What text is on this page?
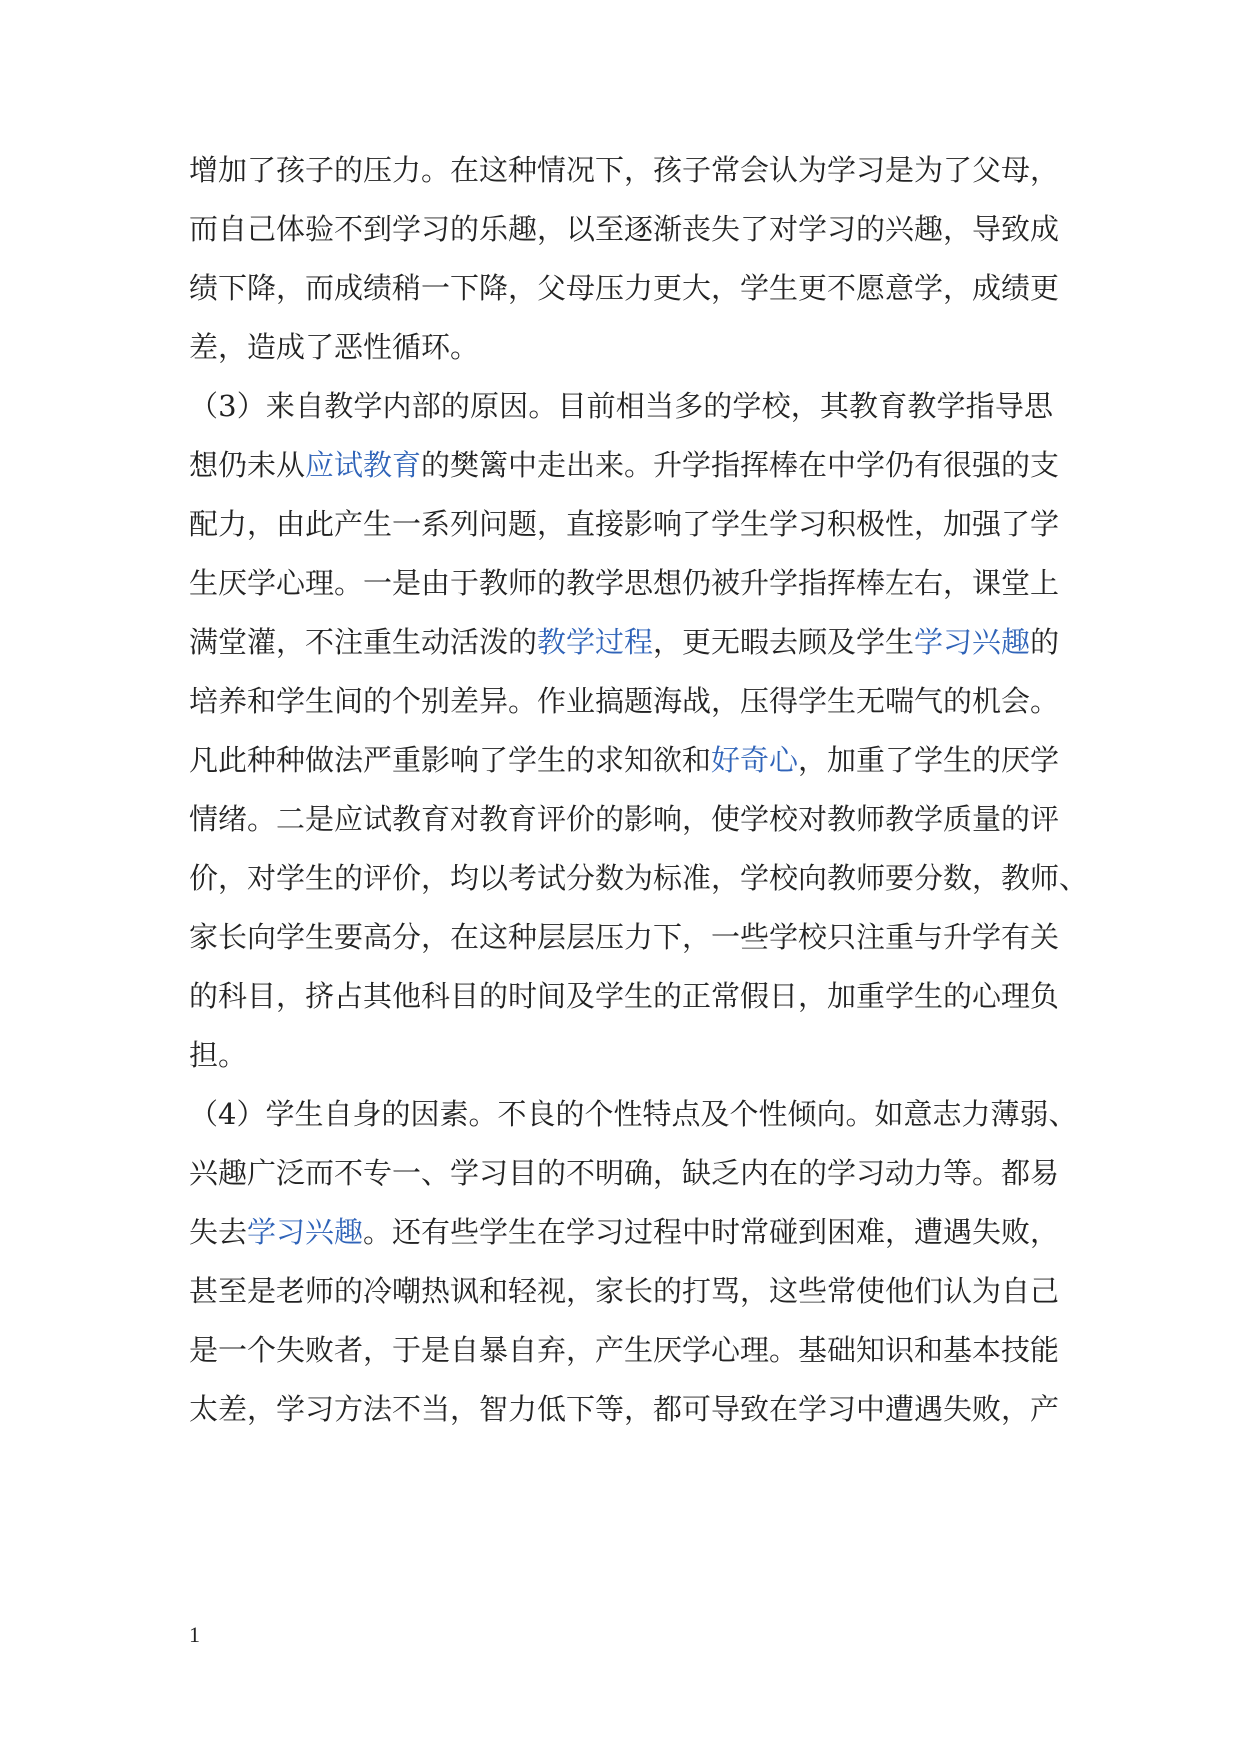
增加了孩子的压力。在这种情况下，孩子常会认为学习是为了父母，
而自己体验不到学习的乐趣，以至逐渐丧失了对学习的兴趣，导致成
绩下降，而成绩稍一下降，父母压力更大，学生更不愿意学，成绩更
差，造成了恶性循环。
（3）来自教学内部的原因。目前相当多的学校，其教育教学指导思
想仍未从应试教育的樊篱中走出来。升学指挥棒在中学仍有很强的支
配力，由此产生一系列问题，直接影响了学生学习积极性，加强了学
生厌学心理。一是由于教师的教学思想仍被升学指挥棒左右，课堂上
满堂灌，不注重生动活泼的教学过程，更无暇去顾及学生学习兴趣的
培养和学生间的个别差异。作业搞题海战，压得学生无喘气的机会。
凡此种种做法严重影响了学生的求知欲和好奇心，加重了学生的厌学
情绪。二是应试教育对教育评价的影响，使学校对教师教学质量的评
价，对学生的评价，均以考试分数为标准，学校向教师要分数，教师、
家长向学生要高分，在这种层层压力下，一些学校只注重与升学有关
的科目，挤占其他科目的时间及学生的正常假日，加重学生的心理负
担。
（4）学生自身的因素。不良的个性特点及个性倾向。如意志力薄弱、
兴趣广泛而不专一、学习目的不明确，缺乏内在的学习动力等。都易
失去学习兴趣。还有些学生在学习过程中时常碰到困难，遭遇失败，
甚至是老师的冷嘲热讽和轻视，家长的打骂，这些常使他们认为自己
是一个失败者，于是自暴自弃，产生厌学心理。基础知识和基本技能
太差，学习方法不当，智力低下等，都可导致在学习中遭遇失败，产
1
